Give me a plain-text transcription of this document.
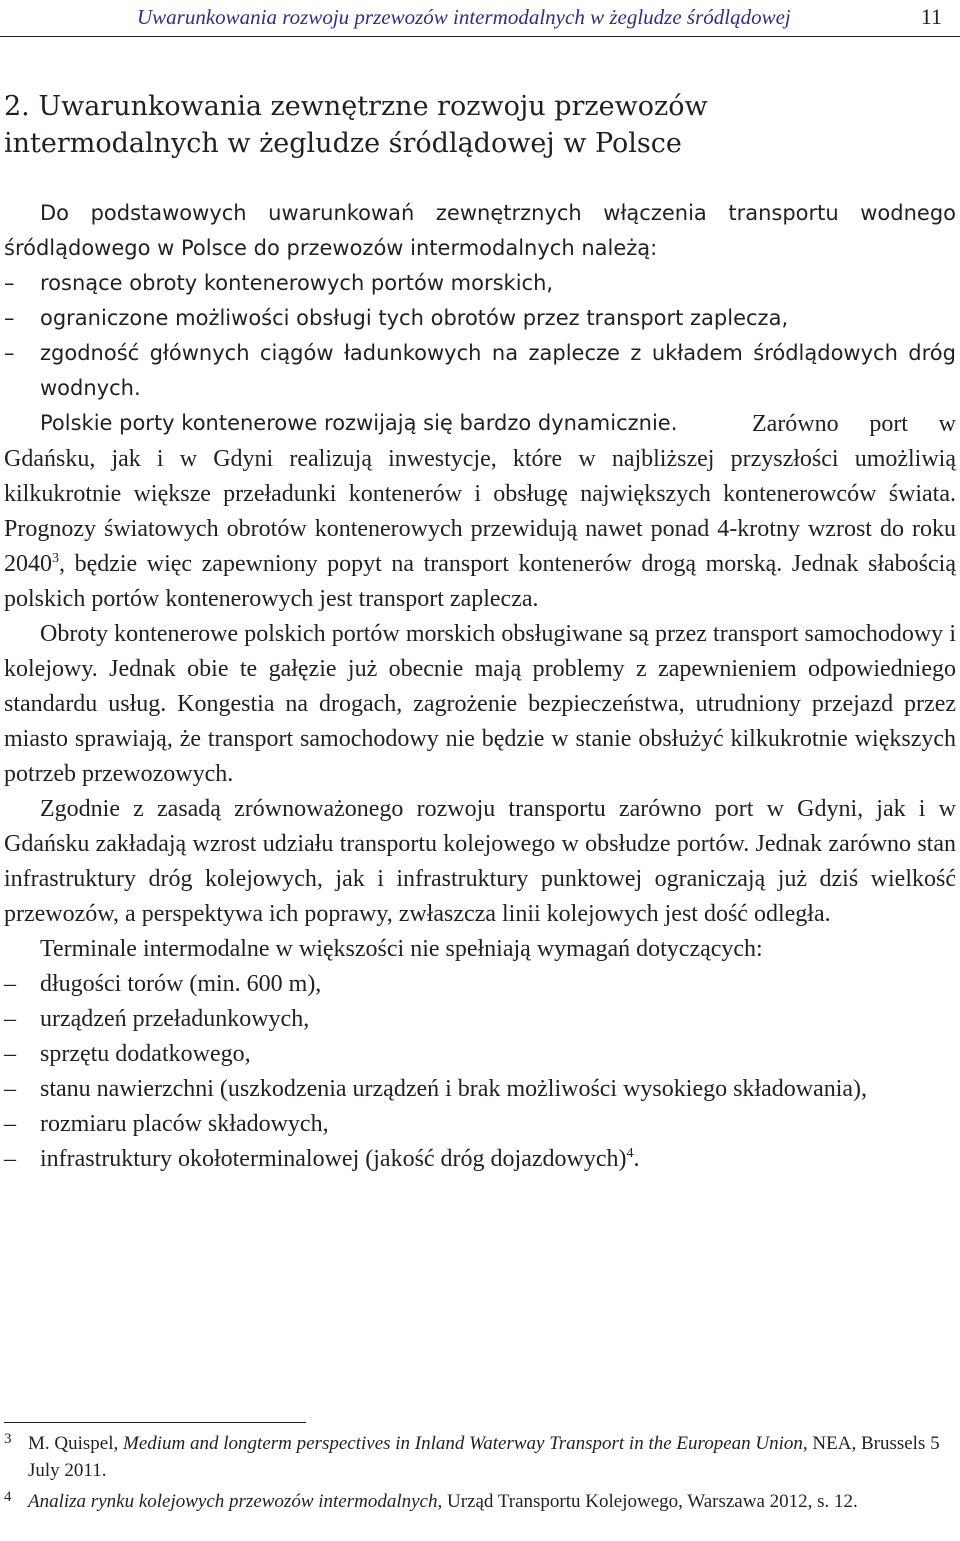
Uwarunkowania rozwoju przewozów intermodalnych w żegludze śródlądowej	11
2. Uwarunkowania zewnętrzne rozwoju przewozów
intermodalnych w żegludze śródlądowej w Polsce

Do podstawowych uwarunkowań zewnętrznych włączenia transportu wodnego śródlądowego w Polsce do przewozów intermodalnych należą:

– rosnące obroty kontenerowych portów morskich,
– ograniczone możliwości obsługi tych obrotów przez transport zaplecza,
– zgodność głównych ciągów ładunkowych na zaplecze z układem śródlądowych dróg wodnych.

Polskie porty kontenerowe rozwijają się bardzo dynamicznie.	Zarówno port w Gdańsku, jak i w Gdyni realizują inwestycje, które w najbliższej przyszłości umożliwią kilkukrotnie większe przeładunki kontenerów i obsługę największych kontenerowców świata. Prognozy światowych obrotów kontenerowych przewidują nawet ponad 4-krotny wzrost do roku 2040$^3$, będzie więc zapewniony popyt na transport kontenerów drogą morską. Jednak słabością polskich portów kontenerowych jest transport zaplecza.

Obroty kontenerowe polskich portów morskich obsługiwane są przez transport samochodowy i kolejowy. Jednak obie te gałęzie już obecnie mają problemy z zapewnieniem odpowiedniego standardu usług. Kongestia na drogach, zagrożenie bezpieczeństwa, utrudniony przejazd przez miasto sprawiają, że transport samochodowy nie będzie w stanie obsłużyć kilkukrotnie większych potrzeb przewozowych.

Zgodnie z zasadą zrównoważonego rozwoju transportu zarówno port w Gdyni, jak i w Gdańsku zakładają wzrost udziału transportu kolejowego w obsłudze portów. Jednak zarówno stan infrastruktury dróg kolejowych, jak i infrastruktury punktowej ograniczają już dziś wielkość przewozów, a perspektywa ich poprawy, zwłaszcza linii kolejowych jest dość odległa.

Terminale intermodalne w większości nie spełniają wymagań dotyczących:

– długości torów (min. 600 m),
– urządzeń przeładunkowych,
– sprzętu dodatkowego,
– stanu nawierzchni (uszkodzenia urządzeń i brak możliwości wysokiego składowania),
– rozmiaru placów składowych,
– infrastruktury okołoterminalowej (jakość dróg dojazdowych)$^4$.
3 M. Quispel, Medium and longterm perspectives in Inland Waterway Transport in the European Union, NEA, Brussels 5 July 2011.
4 Analiza rynku kolejowych przewozów intermodalnych, Urząd Transportu Kolejowego, Warszawa 2012, s. 12.
